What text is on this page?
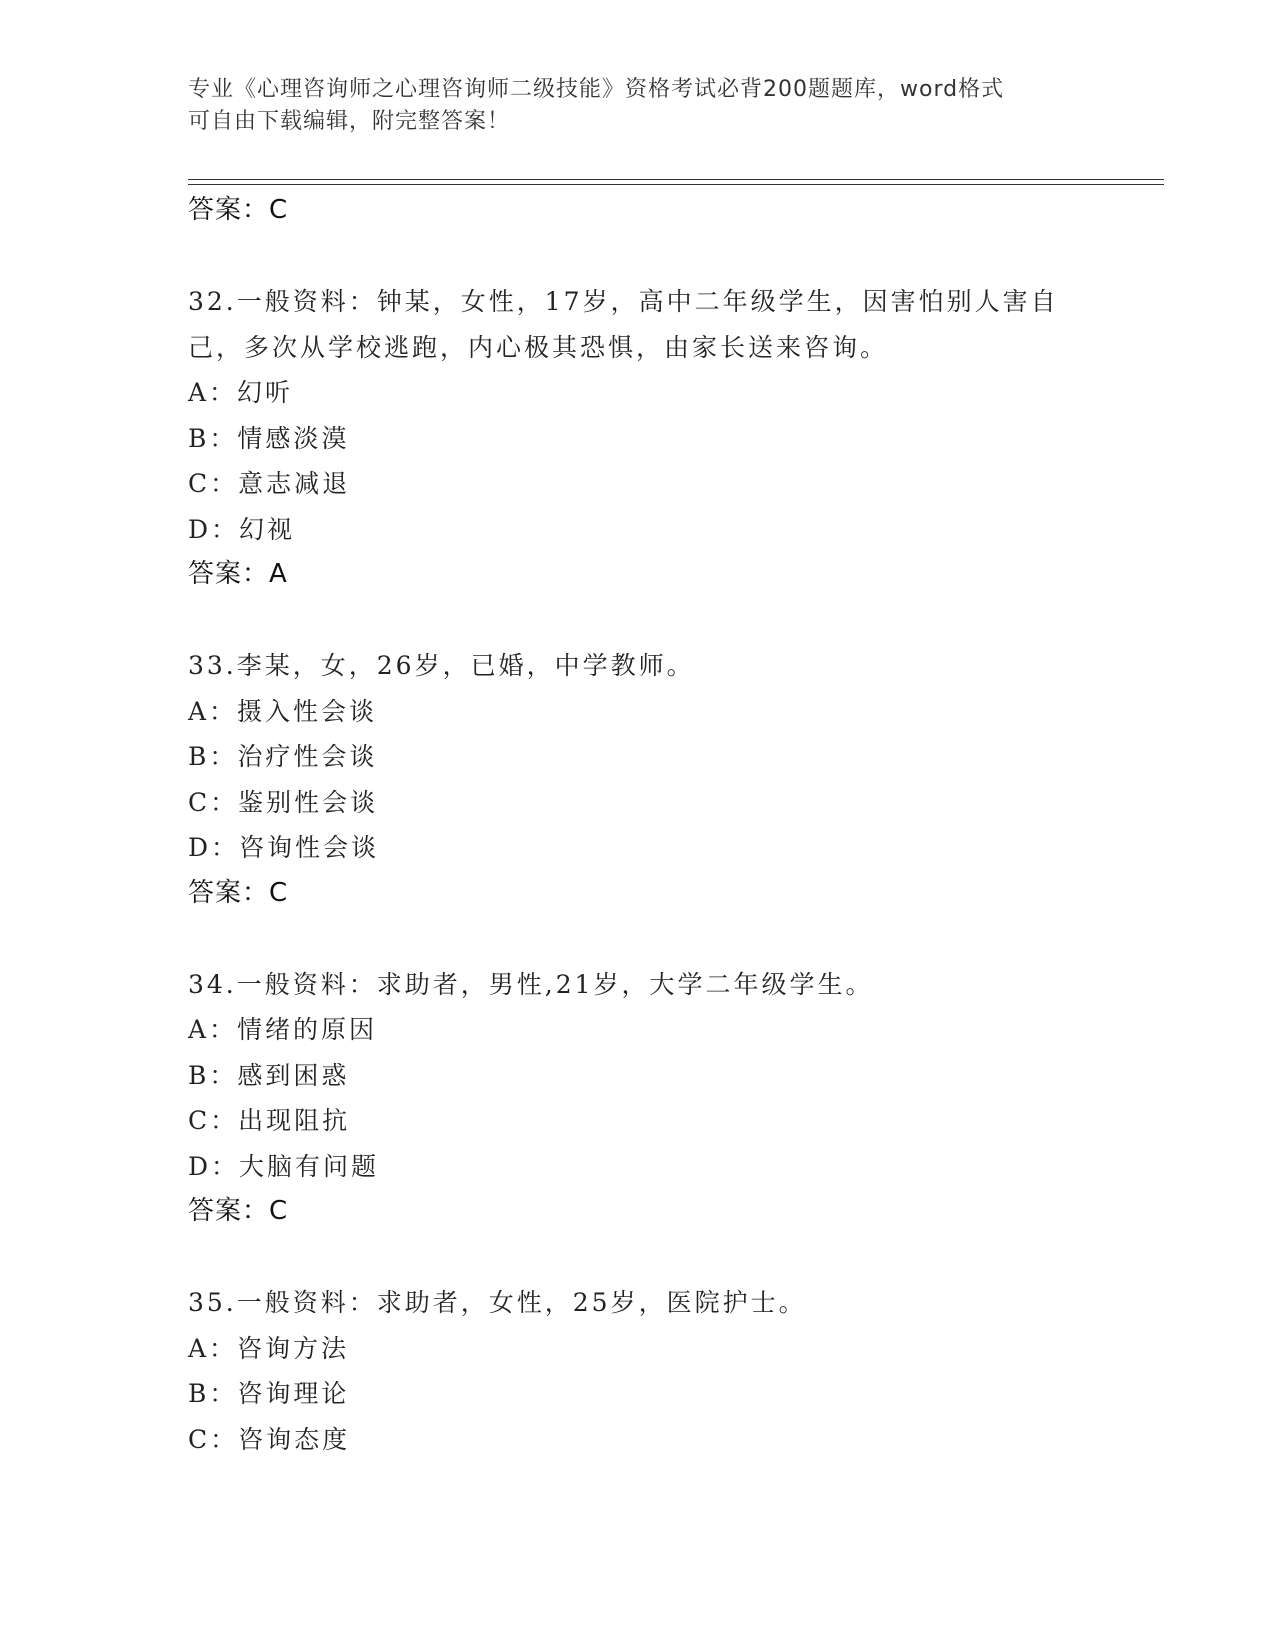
专业《心理咨询师之心理咨询师二级技能》资格考试必背200题题库，word格式
可自由下载编辑，附完整答案！
答案：C
32.一般资料：钟某，女性，17岁，高中二年级学生，因害怕别人害自
己，多次从学校逃跑，内心极其恐惧，由家长送来咨询。
A：幻听
B：情感淡漠
C：意志减退
D：幻视
答案：A
33.李某，女，26岁，已婚，中学教师。
A：摄入性会谈
B：治疗性会谈
C：鉴别性会谈
D：咨询性会谈
答案：C
34.一般资料：求助者，男性,21岁，大学二年级学生。
A：情绪的原因
B：感到困惑
C：出现阻抗
D：大脑有问题
答案：C
35.一般资料：求助者，女性，25岁，医院护士。
A：咨询方法
B：咨询理论
C：咨询态度
